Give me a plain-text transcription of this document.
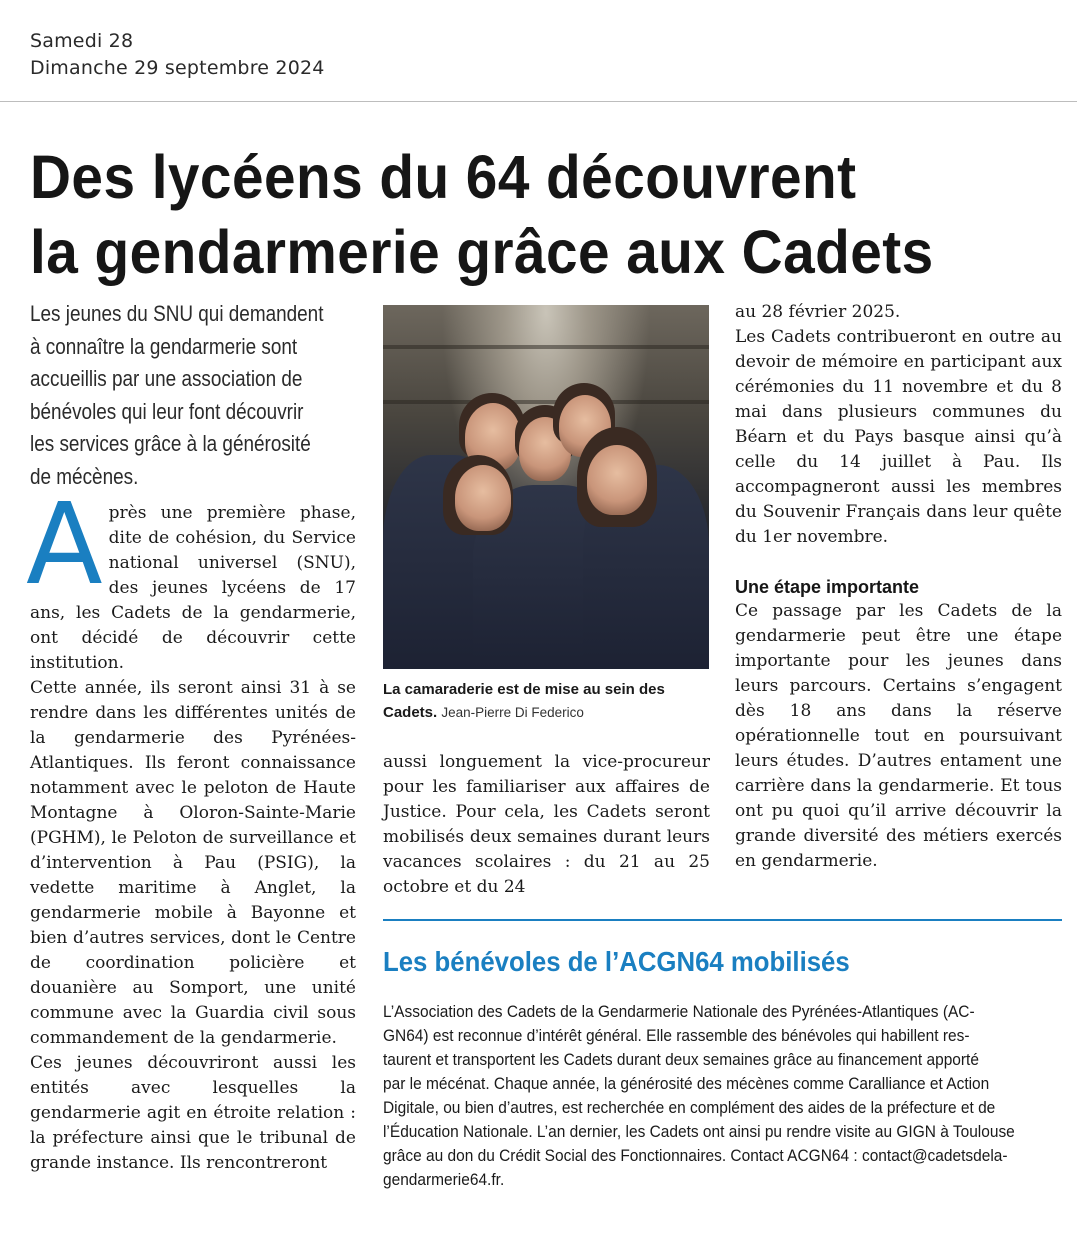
Samedi 28
Dimanche 29 septembre 2024
Des lycéens du 64 découvrent
la gendarmerie grâce aux Cadets
Les jeunes du SNU qui demandent
à connaître la gendarmerie sont
accueillis par une association de
bénévoles qui leur font découvrir
les services grâce à la générosité
de mécènes.

Après une première phase, dite de cohésion, du Service national universel (SNU), des jeunes lycéens de 17 ans, les Cadets de la gendarmerie, ont décidé de découvrir cette institution.

Cette année, ils seront ainsi 31 à se rendre dans les différentes unités de la gendarmerie des Pyrénées-Atlantiques. Ils feront connaissance notamment avec le peloton de Haute Montagne à Oloron-Sainte-Marie (PGHM), le Peloton de surveillance et d’intervention à Pau (PSIG), la vedette maritime à Anglet, la gendarmerie mobile à Bayonne et bien d’autres services, dont le Centre de coordination policière et douanière au Somport, une unité commune avec la Guardia civil sous commandement de la gendarmerie.

Ces jeunes découvriront aussi les entités avec lesquelles la gendarmerie agit en étroite relation : la préfecture ainsi que le tribunal de grande instance. Ils rencontreront

La camaraderie est de mise au sein des
Cadets. Jean-Pierre Di Federico

aussi longuement la vice-procureur pour les familiariser aux affaires de Justice. Pour cela, les Cadets seront mobilisés deux semaines durant leurs vacances scolaires : du 21 au 25 octobre et du 24

au 28 février 2025.

Les Cadets contribueront en outre au devoir de mémoire en participant aux cérémonies du 11 novembre et du 8 mai dans plusieurs communes du Béarn et du Pays basque ainsi qu’à celle du 14 juillet à Pau. Ils accompagneront aussi les membres du Souvenir Français dans leur quête du 1er novembre.

Une étape importante

Ce passage par les Cadets de la gendarmerie peut être une étape importante pour les jeunes dans leurs parcours. Certains s’engagent dès 18 ans dans la réserve opérationnelle tout en poursuivant leurs études. D’autres entament une carrière dans la gendarmerie. Et tous ont pu quoi qu’il arrive découvrir la grande diversité des métiers exercés en gendarmerie.

Les bénévoles de l’ACGN64 mobilisés
L’Association des Cadets de la Gendarmerie Nationale des Pyrénées-Atlantiques (AC-
GN64) est reconnue d’intérêt général. Elle rassemble des bénévoles qui habillent res-
taurent et transportent les Cadets durant deux semaines grâce au financement apporté
par le mécénat. Chaque année, la générosité des mécènes comme Caralliance et Action
Digitale, ou bien d’autres, est recherchée en complément des aides de la préfecture et de
l’Éducation Nationale. L’an dernier, les Cadets ont ainsi pu rendre visite au GIGN à Toulouse
grâce au don du Crédit Social des Fonctionnaires. Contact ACGN64 : contact@cadetsdela-
gendarmerie64.fr.
